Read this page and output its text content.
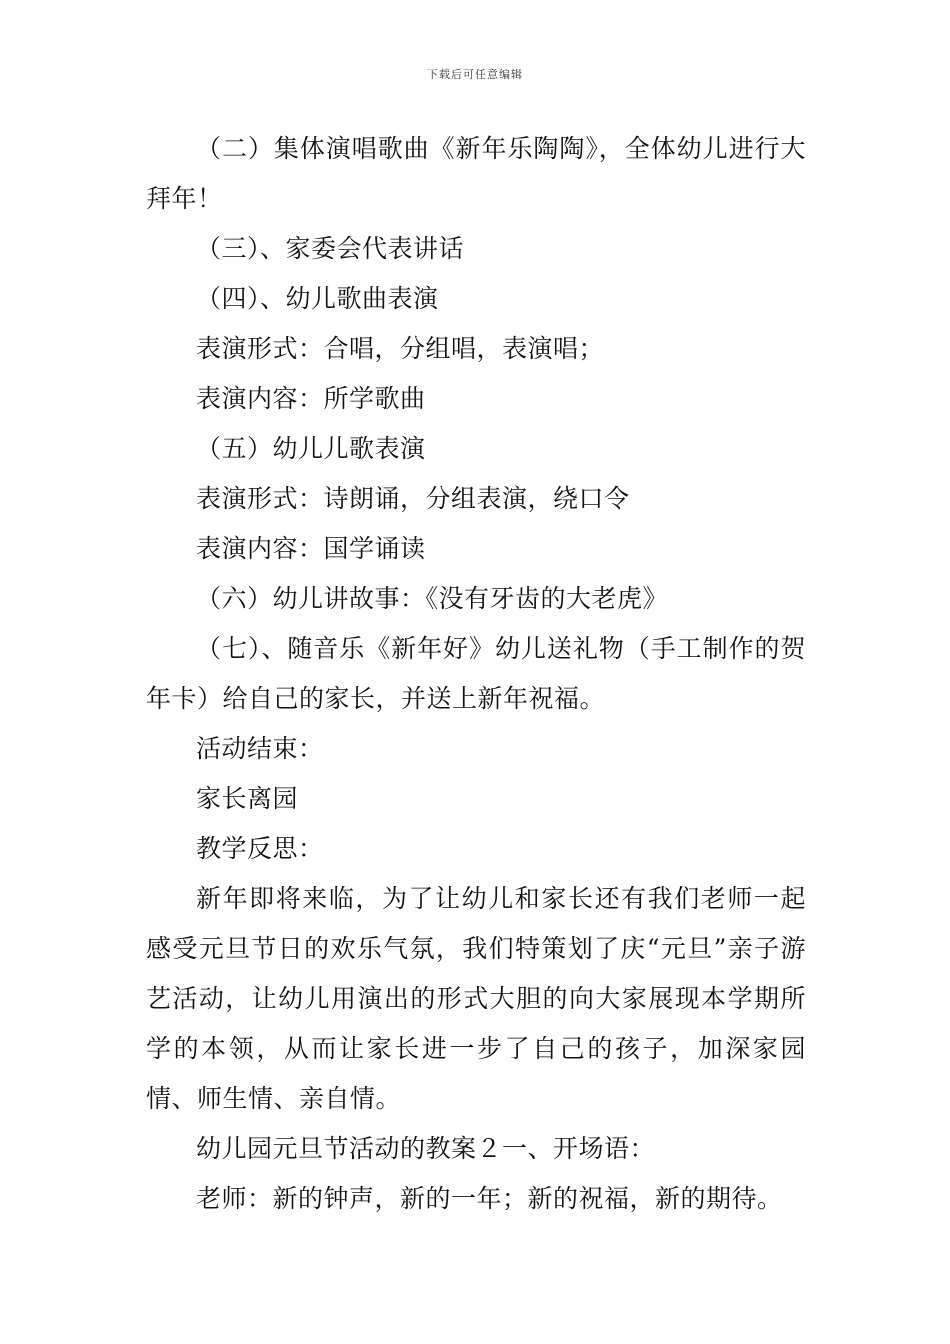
下载后可任意编辑

（二）集体演唱歌曲《新年乐陶陶》，全体幼儿进行大拜年！

（三）、家委会代表讲话

（四）、幼儿歌曲表演

表演形式：合唱，分组唱，表演唱；

表演内容：所学歌曲

（五）幼儿儿歌表演

表演形式：诗朗诵，分组表演，绕口令

表演内容：国学诵读

（六）幼儿讲故事：《没有牙齿的大老虎》

（七）、随音乐《新年好》幼儿送礼物（手工制作的贺年卡）给自己的家长，并送上新年祝福。

活动结束：

家长离园

教学反思：

新年即将来临，为了让幼儿和家长还有我们老师一起感受元旦节日的欢乐气氛，我们特策划了庆“元旦”亲子游艺活动，让幼儿用演出的形式大胆的向大家展现本学期所学的本领，从而让家长进一步了自己的孩子，加深家园情、师生情、亲自情。

幼儿园元旦节活动的教案２一、开场语：

老师：新的钟声，新的一年；新的祝福，新的期待。
